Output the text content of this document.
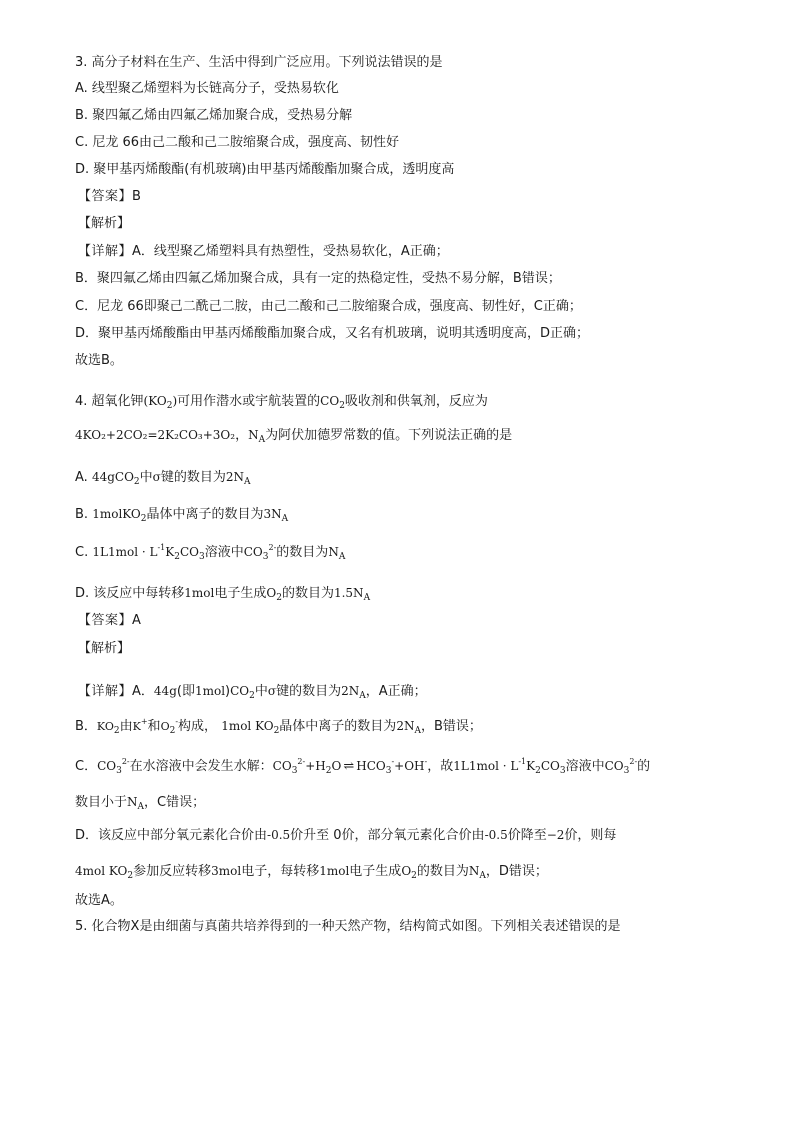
3. 高分子材料在生产、生活中得到广泛应用。下列说法错误的是
A. 线型聚乙烯塑料为长链高分子，受热易软化
B. 聚四氟乙烯由四氟乙烯加聚合成，受热易分解
C. 尼龙 66由己二酸和己二胺缩聚合成，强度高、韧性好
D. 聚甲基丙烯酸酯(有机玻璃)由甲基丙烯酸酯加聚合成，透明度高
【答案】B
【解析】
【详解】A．线型聚乙烯塑料具有热塑性，受热易软化，A正确；
B．聚四氟乙烯由四氟乙烯加聚合成，具有一定的热稳定性，受热不易分解，B错误；
C．尼龙 66即聚己二酰己二胺，由己二酸和己二胺缩聚合成，强度高、韧性好，C正确；
D．聚甲基丙烯酸酯由甲基丙烯酸酯加聚合成，又名有机玻璃，说明其透明度高，D正确；
故选B。
4. 超氧化钾$(KO_2)$可用作潜水或宇航装置的$CO_2$吸收剂和供氧剂，反应为
4KO₂+2CO₂=2K₂CO₃+3O₂，$N_A$为阿伏加德罗常数的值。下列说法正确的是
A. 44gCO$_2$中σ键的数目为$2N_A$
B. 1molKO$_2$晶体中离子的数目为$3N_A$
C. $1L1mol \cdot L^{-1}K_2CO_3$溶液中$CO_3^{2-}$的数目为$N_A$
D. 该反应中每转移1mol电子生成$O_2$的数目为$1.5N_A$
【答案】A
【解析】
【详解】A．44g(即$1mol)CO_2$中σ键的数目为$2N_A$，A正确；
B．$KO_2$由K+和$O_2^-$构成， 1mol $KO_2$晶体中离子的数目为$2N_A$，B错误；
C．$CO_3^{2-}$在水溶液中会发生水解：$CO_3^{2-}+H_2O$ ⇌ $HCO_3^-+OH^-$，故$1L1mol \cdot L^{-1}K_2CO_3$溶液中$CO_3^{2-}$的
数目小于$N_A$，C错误；
D．该反应中部分氧元素化合价由-0.5价升至 0价，部分氧元素化合价由-0.5价降至−2价，则每
4mol $KO_2$参加反应转移3mol电子，每转移1mol电子生成$O_2$的数目为$N_A$，D错误；
故选A。
5. 化合物X是由细菌与真菌共培养得到的一种天然产物，结构简式如图。下列相关表述错误的是
